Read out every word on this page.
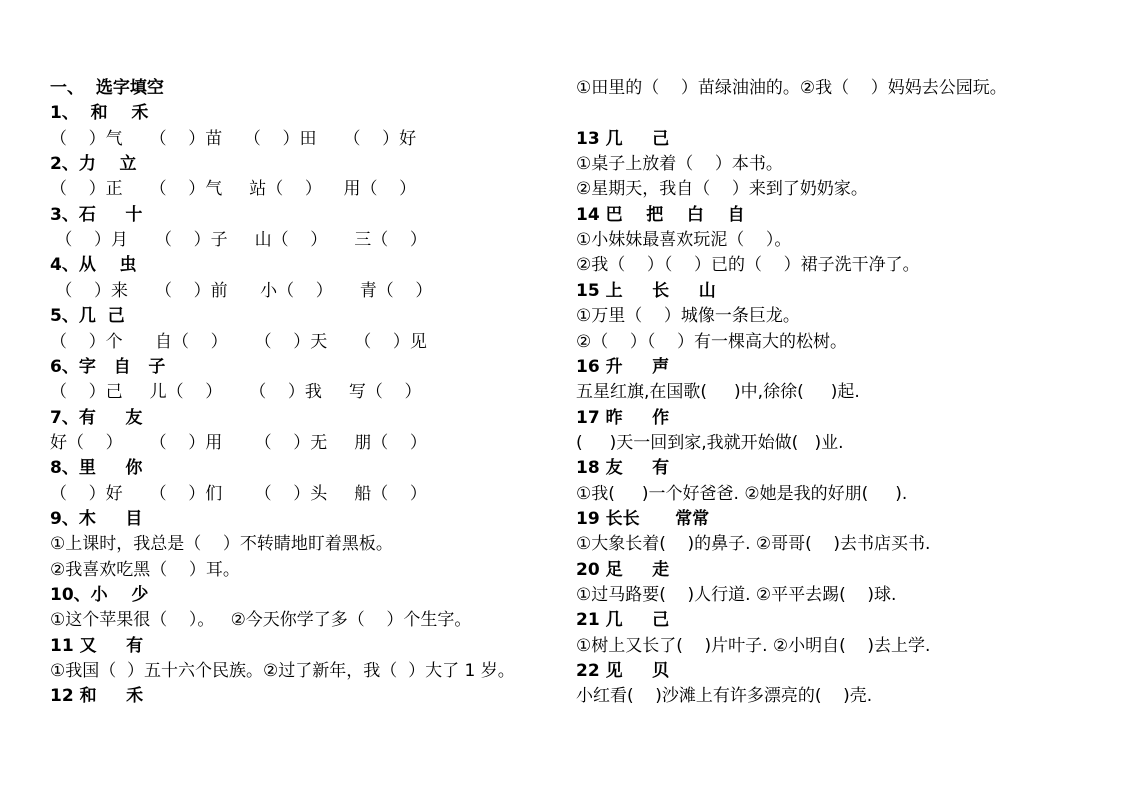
一、  选字填空
1、  和    禾
（    ）气     （    ）苗    （    ）田     （    ）好
2、力    立
（    ）正     （    ）气     站（    ）    用（    ）
3、石     十
（    ）月     （    ）子     山（    ）     三（    ）
4、从    虫
（    ）来     （    ）前      小（    ）     青（    ）
5、几  己
（    ）个      自（    ）     （    ）天     （    ）见
6、字   自   子
（    ）己     儿（    ）     （    ）我     写（    ）
7、有     友
好（    ）     （    ）用      （    ）无     朋（    ）
8、里     你
（    ）好     （    ）们      （    ）头     船（    ）
9、木     目
①上课时，我总是（    ）不转睛地盯着黑板。
②我喜欢吃黑（    ）耳。
10、小    少
①这个苹果很（    ）。   ②今天你学了多（    ）个生字。
11 又     有
①我国（  ）五十六个民族。②过了新年，我（  ）大了 1 岁。
12 和     禾
①田里的（    ）苗绿油油的。②我（    ）妈妈去公园玩。
13 几     己
①桌子上放着（    ）本书。
②星期天，我自（    ）来到了奶奶家。
14 巴    把    白    自
①小妹妹最喜欢玩泥（    ）。
②我（    ）（    ）已的（    ）裙子洗干净了。
15 上     长     山
①万里（    ）城像一条巨龙。
②（    ）（    ）有一棵高大的松树。
16 升     声
五星红旗,在国歌(     )中,徐徐(     )起.
17 昨     作
(     )天一回到家,我就开始做(   )业.
18 友     有
①我(     )一个好爸爸. ②她是我的好朋(     ).
19 长长      常常
①大象长着(    )的鼻子. ②哥哥(    )去书店买书.
20 足     走
①过马路要(    )人行道. ②平平去踢(    )球.
21 几     己
①树上又长了(    )片叶子. ②小明自(    )去上学.
22 见     贝
小红看(    )沙滩上有许多漂亮的(    )壳.
